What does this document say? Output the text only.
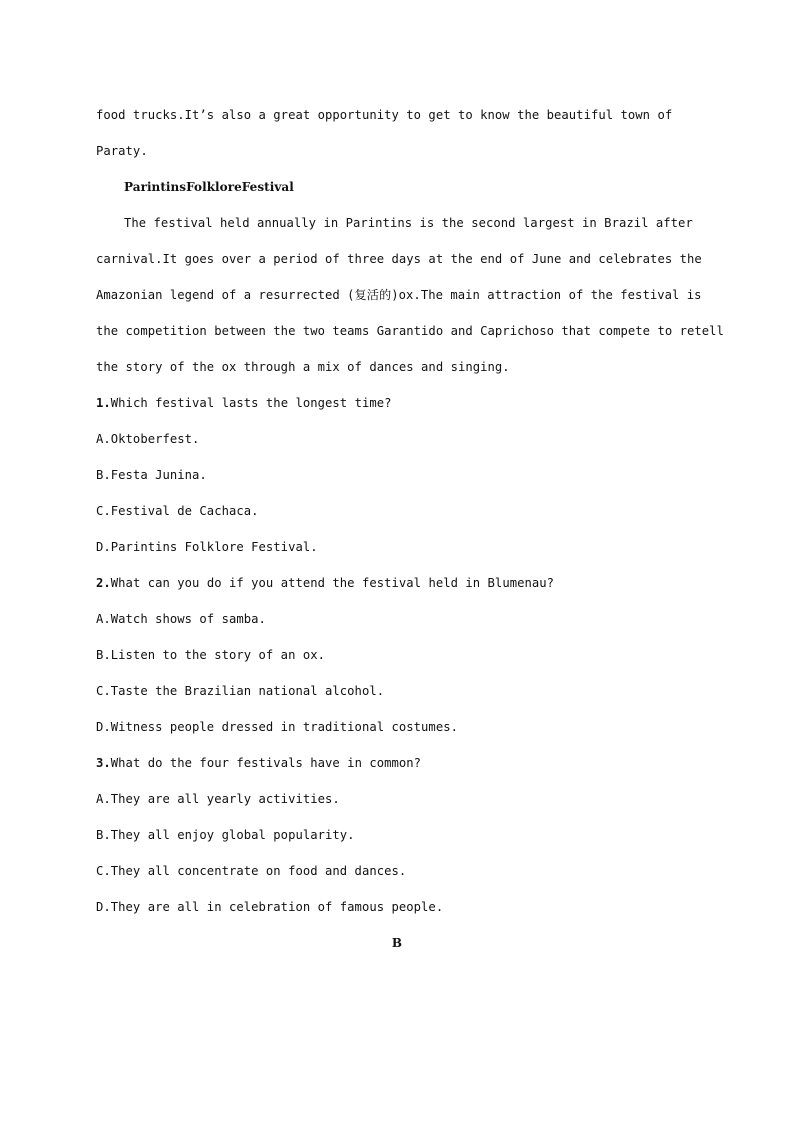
food trucks.It’s also a great opportunity to get to know the beautiful town of
Paraty.
ParintinsFolkloreFestival
The festival held annually in Parintins is the second largest in Brazil after
carnival.It goes over a period of three days at the end of June and celebrates the
Amazonian legend of a resurrected (复活的)ox.The main attraction of the festival is
the competition between the two teams Garantido and Caprichoso that compete to retell
the story of the ox through a mix of dances and singing.
1.Which festival lasts the longest time?
A.Oktoberfest.
B.Festa Junina.
C.Festival de Cachaca.
D.Parintins Folklore Festival.
2.What can you do if you attend the festival held in Blumenau?
A.Watch shows of samba.
B.Listen to the story of an ox.
C.Taste the Brazilian national alcohol.
D.Witness people dressed in traditional costumes.
3.What do the four festivals have in common?
A.They are all yearly activities.
B.They all enjoy global popularity.
C.They all concentrate on food and dances.
D.They are all in celebration of famous people.
B
